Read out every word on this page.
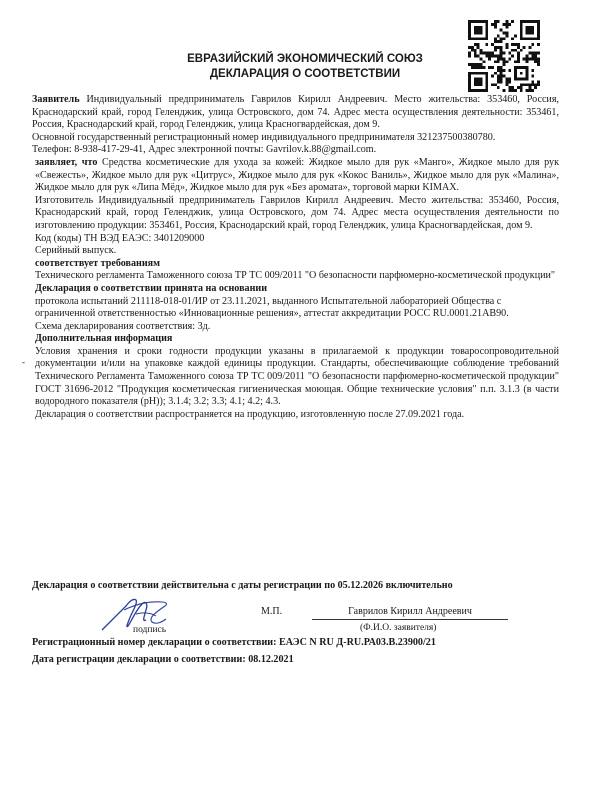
ЕВРАЗИЙСКИЙ ЭКОНОМИЧЕСКИЙ СОЮЗ
ДЕКЛАРАЦИЯ О СООТВЕТСТВИИ
-

Заявитель Индивидуальный предприниматель Гаврилов Кирилл Андреевич. Место жительства: 353460, Россия, Краснодарский край, город Геленджик, улица Островского, дом 74. Адрес места осуществления деятельности: 353461, Россия, Краснодарский край, город Геленджик, улица Красногвардейская, дом 9.

Основной государственный регистрационный номер индивидуального предпринимателя 321237500380780.

Телефон: 8-938-417-29-41, Адрес электронной почты: Gavrilov.k.88@gmail.com.

заявляет, что Средства косметические для ухода за кожей: Жидкое мыло для рук «Манго», Жидкое мыло для рук «Свежесть», Жидкое мыло для рук «Цитрус», Жидкое мыло для рук «Кокос Ваниль», Жидкое мыло для рук «Малина», Жидкое мыло для рук «Липа Мёд», Жидкое мыло для рук «Без аромата», торговой марки KIMAX.

Изготовитель Индивидуальный предприниматель Гаврилов Кирилл Андреевич. Место жительства: 353460, Россия, Краснодарский край, город Геленджик, улица Островского, дом 74. Адрес места осуществления деятельности по изготовлению продукции: 353461, Россия, Краснодарский край, город Геленджик, улица Красногвардейская, дом 9.

Код (коды) ТН ВЭД ЕАЭС: 3401209000

Серийный выпуск.

соответствует требованиям

Технического регламента Таможенного союза ТР ТС 009/2011 "О безопасности парфюмерно-косметической продукции"

Декларация о соответствии принята на основании

протокола испытаний 211118-018-01/ИР от 23.11.2021, выданного Испытательной лабораторией Общества с ограниченной ответственностью «Инновационные решения», аттестат аккредитации РОСС RU.0001.21АВ90.

Схема декларирования соответствия: 3д.

Дополнительная информация

Условия хранения и сроки годности продукции указаны в прилагаемой к продукции товаросопроводительной документации и/или на упаковке каждой единицы продукции. Стандарты, обеспечивающие соблюдение требований Технического Регламента Таможенного союза ТР ТС 009/2011 "О безопасности парфюмерно-косметической продукции" ГОСТ 31696-2012 "Продукция косметическая гигиеническая моющая. Общие технические условия" п.п. 3.1.3 (в части водородного показателя (pH)); 3.1.4; 3.2; 3.3; 4.1; 4.2; 4.3.

Декларация о соответствии распространяется на продукцию, изготовленную после 27.09.2021 года.

Декларация о соответствии действительна с даты регистрации по 05.12.2026 включительно
подпись
М.П.	Гаврилов Кирилл Андреевич
(Ф.И.О. заявителя)
Регистрационный номер декларации о соответствии: ЕАЭС N RU Д-RU.РА03.В.23900/21
Дата регистрации декларации о соответствии: 08.12.2021
